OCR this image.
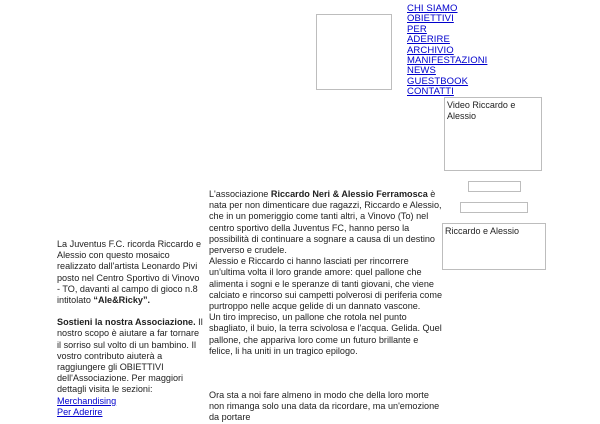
CHI SIAMO
OBIETTIVI
PER
ADERIRE
ARCHIVIO
MANIFESTAZIONI
NEWS
GUESTBOOK
CONTATTI
Video Riccardo e Alessio
Riccardo e Alessio

La Juventus F.C. ricorda Riccardo e Alessio con questo mosaico realizzato dall'artista Leonardo Pivi posto nel Centro Sportivo di Vinovo - TO, davanti al campo di gioco n.8 intitolato “Ale&Ricky”.

Sostieni la nostra Associazione. Il nostro scopo è aiutare a far tornare il sorriso sul volto di un bambino. Il vostro contributo aiuterà a raggiungere gli OBIETTIVI dell'Associazione. Per maggiori dettagli visita le sezioni:

Merchandising
Per Aderire
L'associazione Riccardo Neri & Alessio Ferramosca è nata per non dimenticare due ragazzi, Riccardo e Alessio, che in un pomeriggio come tanti altri, a Vinovo (To) nel centro sportivo della Juventus FC, hanno perso la possibilità di continuare a sognare a causa di un destino perverso e crudele.
Alessio e Riccardo ci hanno lasciati per rincorrere un'ultima volta il loro grande amore: quel pallone che alimenta i sogni e le speranze di tanti giovani, che viene calciato e rincorso sui campetti polverosi di periferia come purtroppo nelle acque gelide di un dannato vascone.
Un tiro impreciso, un pallone che rotola nel punto sbagliato, il buio, la terra scivolosa e l'acqua. Gelida. Quel pallone, che appariva loro come un futuro brillante e felice, li ha uniti in un tragico epilogo.
Ora sta a noi fare almeno in modo che della loro morte non rimanga solo una data da ricordare, ma un'emozione da portare
